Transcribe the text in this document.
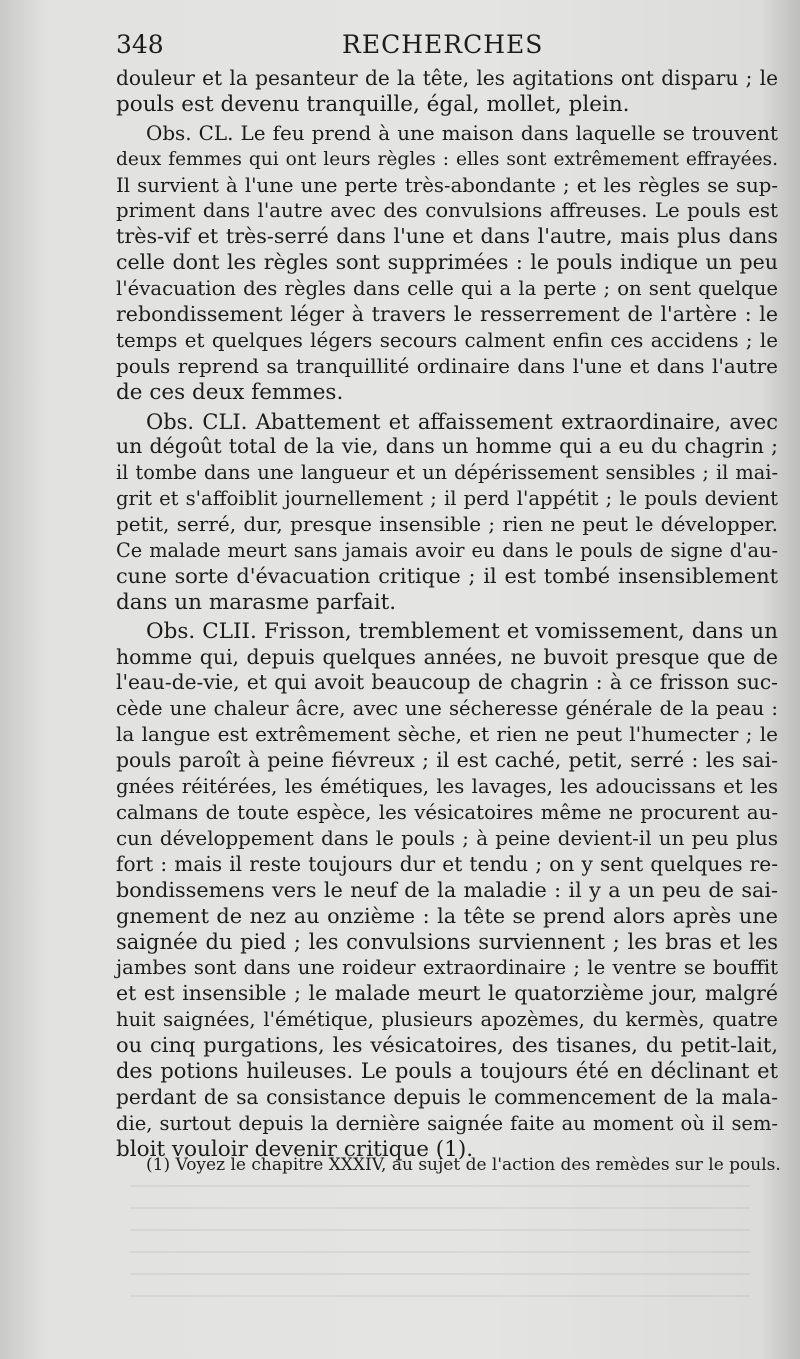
348	RECHERCHES
douleur et la pesanteur de la tête, les agitations ont disparu ; le
pouls est devenu tranquille, égal, mollet, plein.
Obs. CL. Le feu prend à une maison dans laquelle se trouvent
deux femmes qui ont leurs règles : elles sont extrêmement effrayées.
Il survient à l'une une perte très-abondante ; et les règles se sup-
priment dans l'autre avec des convulsions affreuses. Le pouls est
très-vif et très-serré dans l'une et dans l'autre, mais plus dans
celle dont les règles sont supprimées : le pouls indique un peu
l'évacuation des règles dans celle qui a la perte ; on sent quelque
rebondissement léger à travers le resserrement de l'artère : le
temps et quelques légers secours calment enfin ces accidens ; le
pouls reprend sa tranquillité ordinaire dans l'une et dans l'autre
de ces deux femmes.
Obs. CLI. Abattement et affaissement extraordinaire, avec
un dégoût total de la vie, dans un homme qui a eu du chagrin ;
il tombe dans une langueur et un dépérissement sensibles ; il mai-
grit et s'affoiblit journellement ; il perd l'appétit ; le pouls devient
petit, serré, dur, presque insensible ; rien ne peut le développer.
Ce malade meurt sans jamais avoir eu dans le pouls de signe d'au-
cune sorte d'évacuation critique ; il est tombé insensiblement
dans un marasme parfait.
Obs. CLII. Frisson, tremblement et vomissement, dans un
homme qui, depuis quelques années, ne buvoit presque que de
l'eau-de-vie, et qui avoit beaucoup de chagrin : à ce frisson suc-
cède une chaleur âcre, avec une sécheresse générale de la peau :
la langue est extrêmement sèche, et rien ne peut l'humecter ; le
pouls paroît à peine fiévreux ; il est caché, petit, serré : les sai-
gnées réitérées, les émétiques, les lavages, les adoucissans et les
calmans de toute espèce, les vésicatoires même ne procurent au-
cun développement dans le pouls ; à peine devient-il un peu plus
fort : mais il reste toujours dur et tendu ; on y sent quelques re-
bondissemens vers le neuf de la maladie : il y a un peu de sai-
gnement de nez au onzième : la tête se prend alors après une
saignée du pied ; les convulsions surviennent ; les bras et les
jambes sont dans une roideur extraordinaire ; le ventre se bouffit
et est insensible ; le malade meurt le quatorzième jour, malgré
huit saignées, l'émétique, plusieurs apozèmes, du kermès, quatre
ou cinq purgations, les vésicatoires, des tisanes, du petit-lait,
des potions huileuses. Le pouls a toujours été en déclinant et
perdant de sa consistance depuis le commencement de la mala-
die, surtout depuis la dernière saignée faite au moment où il sem-
bloit vouloir devenir critique (1).
(1) Voyez le chapitre XXXIV, au sujet de l'action des remèdes sur le pouls.
